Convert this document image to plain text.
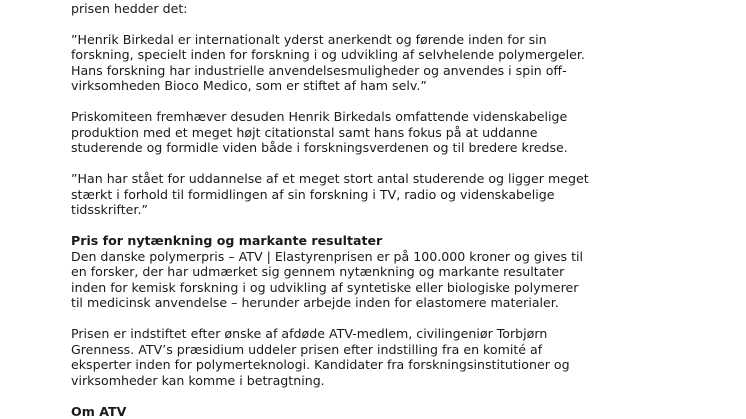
prisen hedder det:

”Henrik Birkedal er internationalt yderst anerkendt og førende inden for sin

forskning, specielt inden for forskning i og udvikling af selvhelende polymergeler.

Hans forskning har industrielle anvendelsesmuligheder og anvendes i spin off-

virksomheden Bioco Medico, som er stiftet af ham selv.”

Priskomiteen fremhæver desuden Henrik Birkedals omfattende videnskabelige

produktion med et meget højt citationstal samt hans fokus på at uddanne

studerende og formidle viden både i forskningsverdenen og til bredere kredse.

”Han har stået for uddannelse af et meget stort antal studerende og ligger meget

stærkt i forhold til formidlingen af sin forskning i TV, radio og videnskabelige

tidsskrifter.”

Pris for nytænkning og markante resultater

Den danske polymerpris – ATV | Elastyrenprisen er på 100.000 kroner og gives til

en forsker, der har udmærket sig gennem nytænkning og markante resultater

inden for kemisk forskning i og udvikling af syntetiske eller biologiske polymerer

til medicinsk anvendelse – herunder arbejde inden for elastomere materialer.

Prisen er indstiftet efter ønske af afdøde ATV-medlem, civilingeniør Torbjørn

Grenness. ATV’s præsidium uddeler prisen efter indstilling fra en komité af

eksperter inden for polymerteknologi. Kandidater fra forskningsinstitutioner og

virksomheder kan komme i betragtning.

Om ATV
